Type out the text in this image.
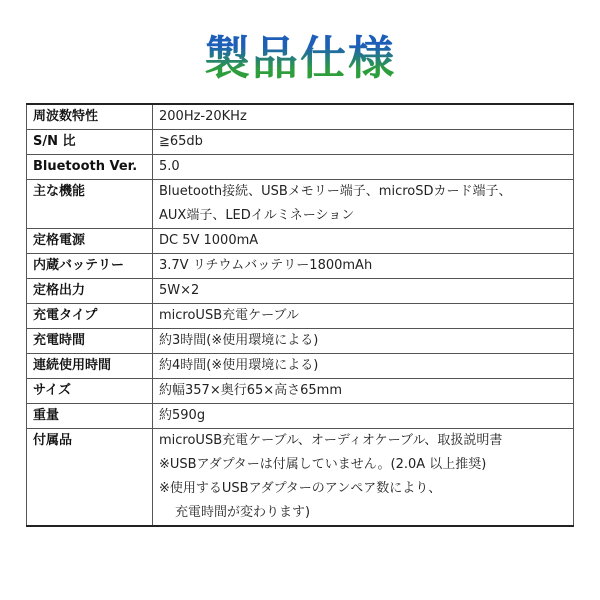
製品仕様
周波数特性	200Hz-20KHz

S/N 比	≧65db

Bluetooth Ver.	5.0

主な機能	Bluetooth接続、USBメモリー端子、microSDカード端子、
AUX端子、LEDイルミネーション

定格電源	DC 5V 1000mA

内蔵バッテリー	3.7V リチウムバッテリー1800mAh

定格出力	5W×2

充電タイプ	microUSB充電ケーブル

充電時間	約3時間(※使用環境による)

連続使用時間	約4時間(※使用環境による)

サイズ	約幅357×奥行65×高さ65mm

重量	約590g

付属品	microUSB充電ケーブル、オーディオケーブル、取扱説明書
※USBアダプターは付属していません。(2.0A 以上推奨)
※使用するUSBアダプターのアンペア数により、
充電時間が変わります)
